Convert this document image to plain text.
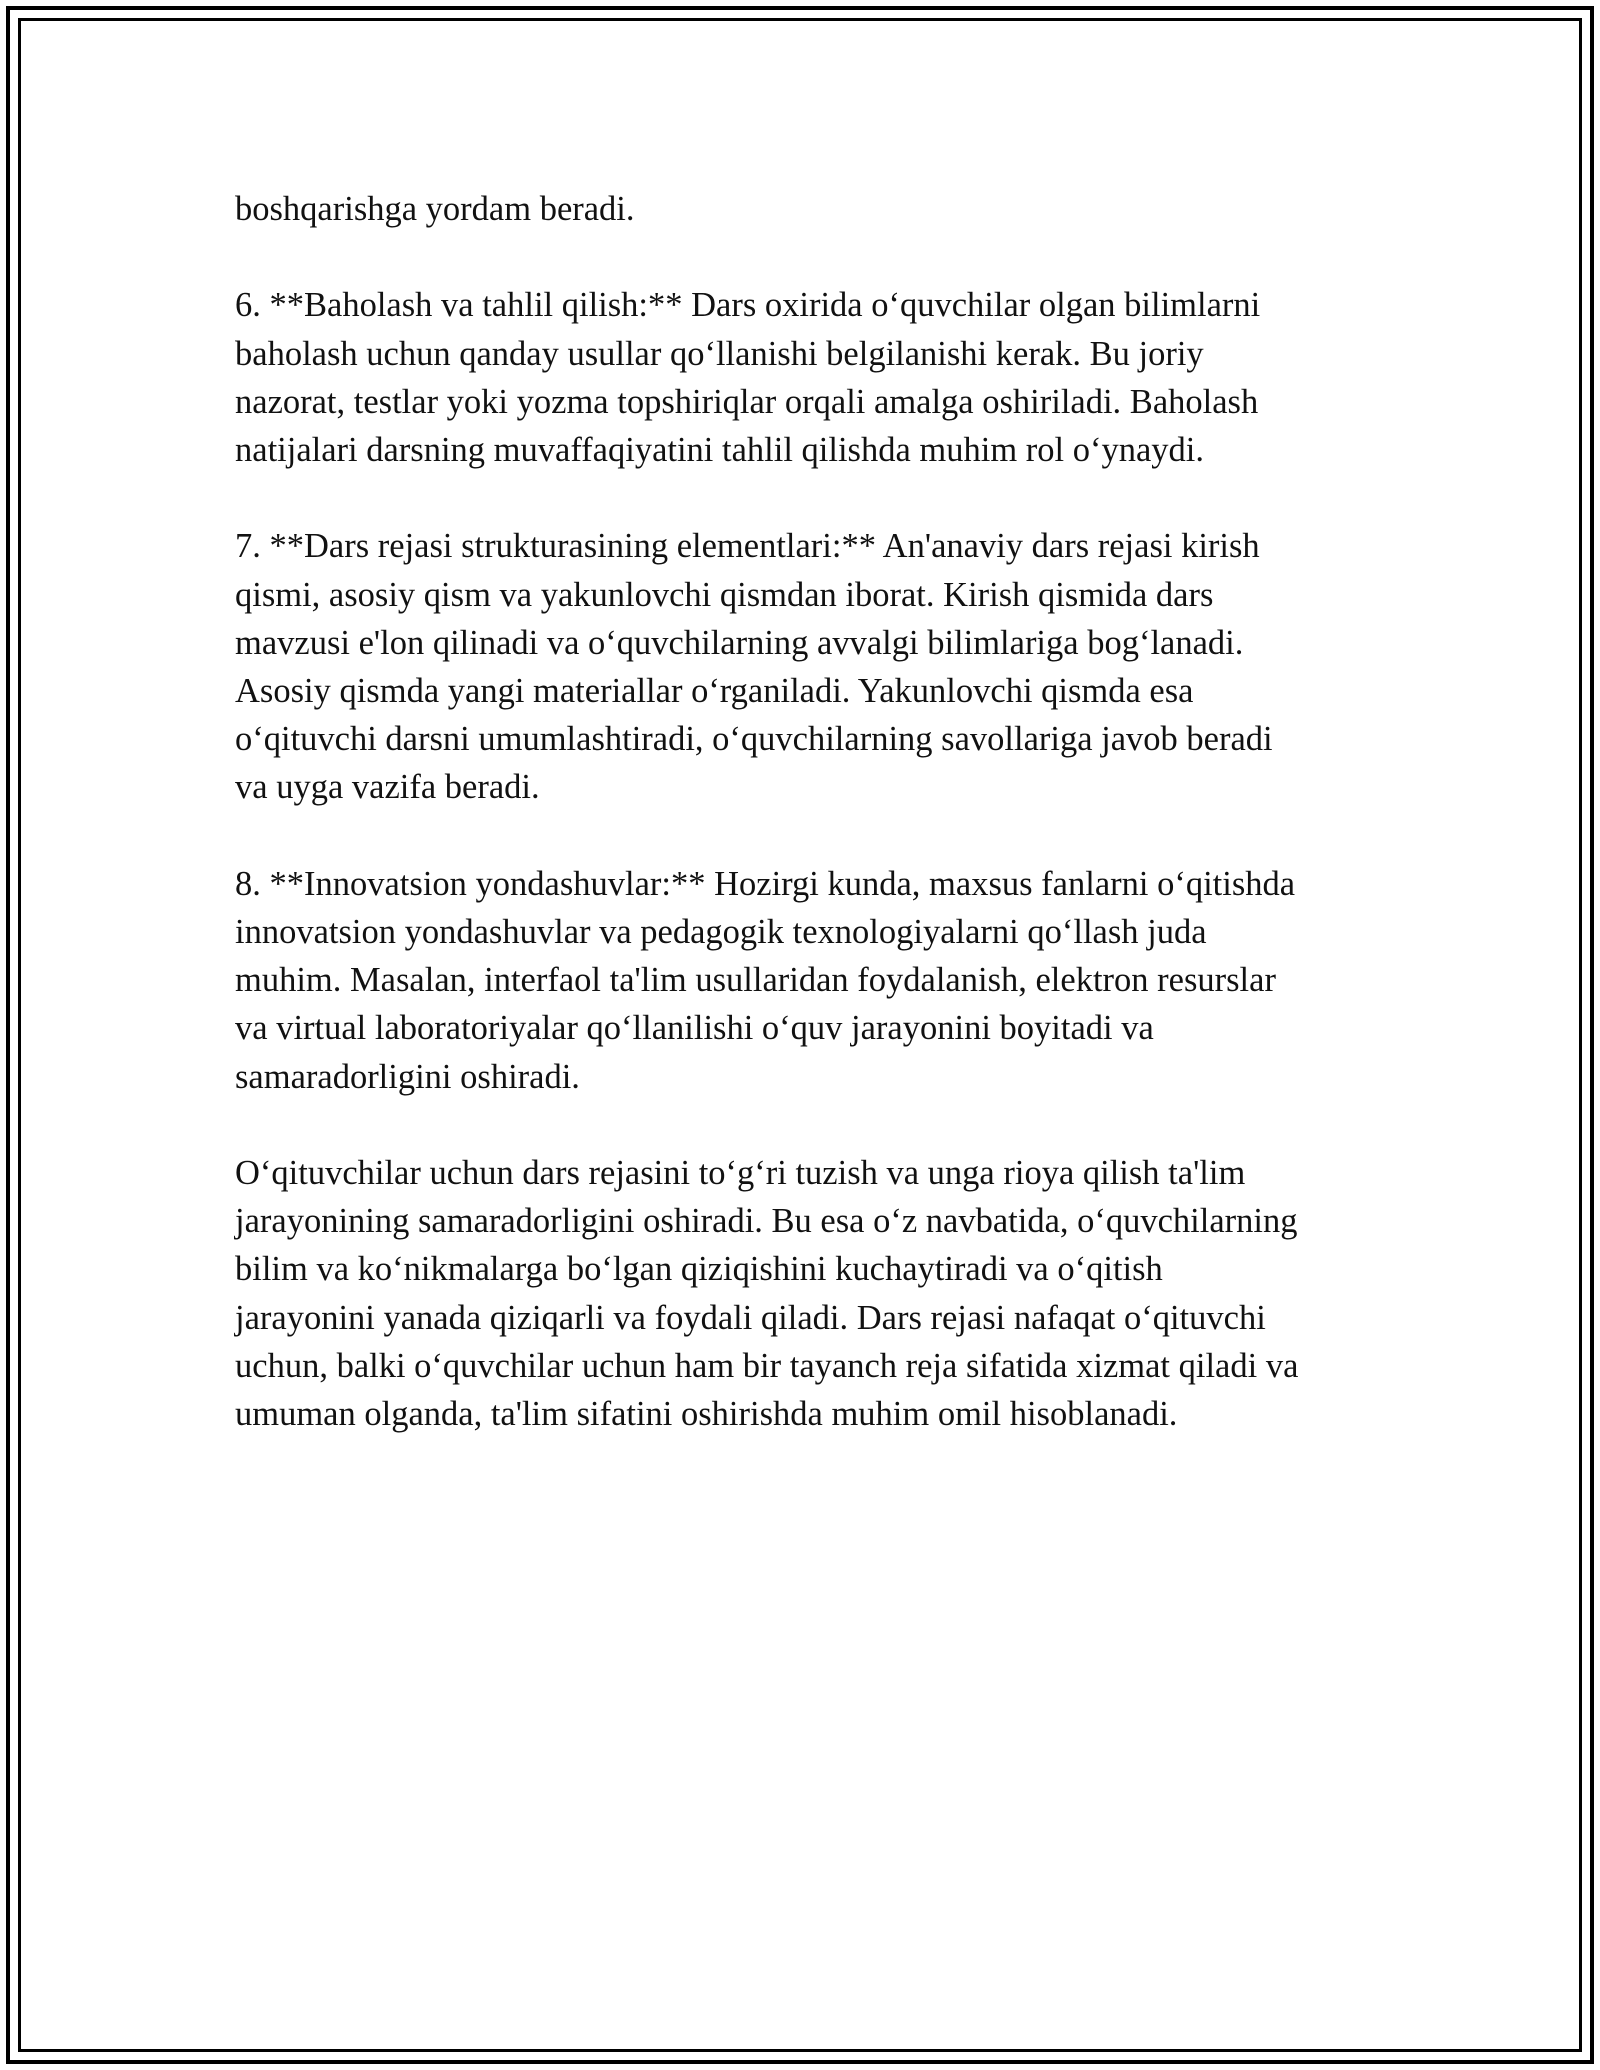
boshqarishga yordam beradi.

6. **Baholash va tahlil qilish:** Dars oxirida o‘quvchilar olgan bilimlarni
baholash uchun qanday usullar qo‘llanishi belgilanishi kerak. Bu joriy
nazorat, testlar yoki yozma topshiriqlar orqali amalga oshiriladi. Baholash
natijalari darsning muvaffaqiyatini tahlil qilishda muhim rol o‘ynaydi.

7. **Dars rejasi strukturasining elementlari:** An'anaviy dars rejasi kirish
qismi, asosiy qism va yakunlovchi qismdan iborat. Kirish qismida dars
mavzusi e'lon qilinadi va o‘quvchilarning avvalgi bilimlariga bog‘lanadi.
Asosiy qismda yangi materiallar o‘rganiladi. Yakunlovchi qismda esa
o‘qituvchi darsni umumlashtiradi, o‘quvchilarning savollariga javob beradi
va uyga vazifa beradi.

8. **Innovatsion yondashuvlar:** Hozirgi kunda, maxsus fanlarni o‘qitishda
innovatsion yondashuvlar va pedagogik texnologiyalarni qo‘llash juda
muhim. Masalan, interfaol ta'lim usullaridan foydalanish, elektron resurslar
va virtual laboratoriyalar qo‘llanilishi o‘quv jarayonini boyitadi va
samaradorligini oshiradi.

O‘qituvchilar uchun dars rejasini to‘g‘ri tuzish va unga rioya qilish ta'lim
jarayonining samaradorligini oshiradi. Bu esa o‘z navbatida, o‘quvchilarning
bilim va ko‘nikmalarga bo‘lgan qiziqishini kuchaytiradi va o‘qitish
jarayonini yanada qiziqarli va foydali qiladi. Dars rejasi nafaqat o‘qituvchi
uchun, balki o‘quvchilar uchun ham bir tayanch reja sifatida xizmat qiladi va
umuman olganda, ta'lim sifatini oshirishda muhim omil hisoblanadi.
